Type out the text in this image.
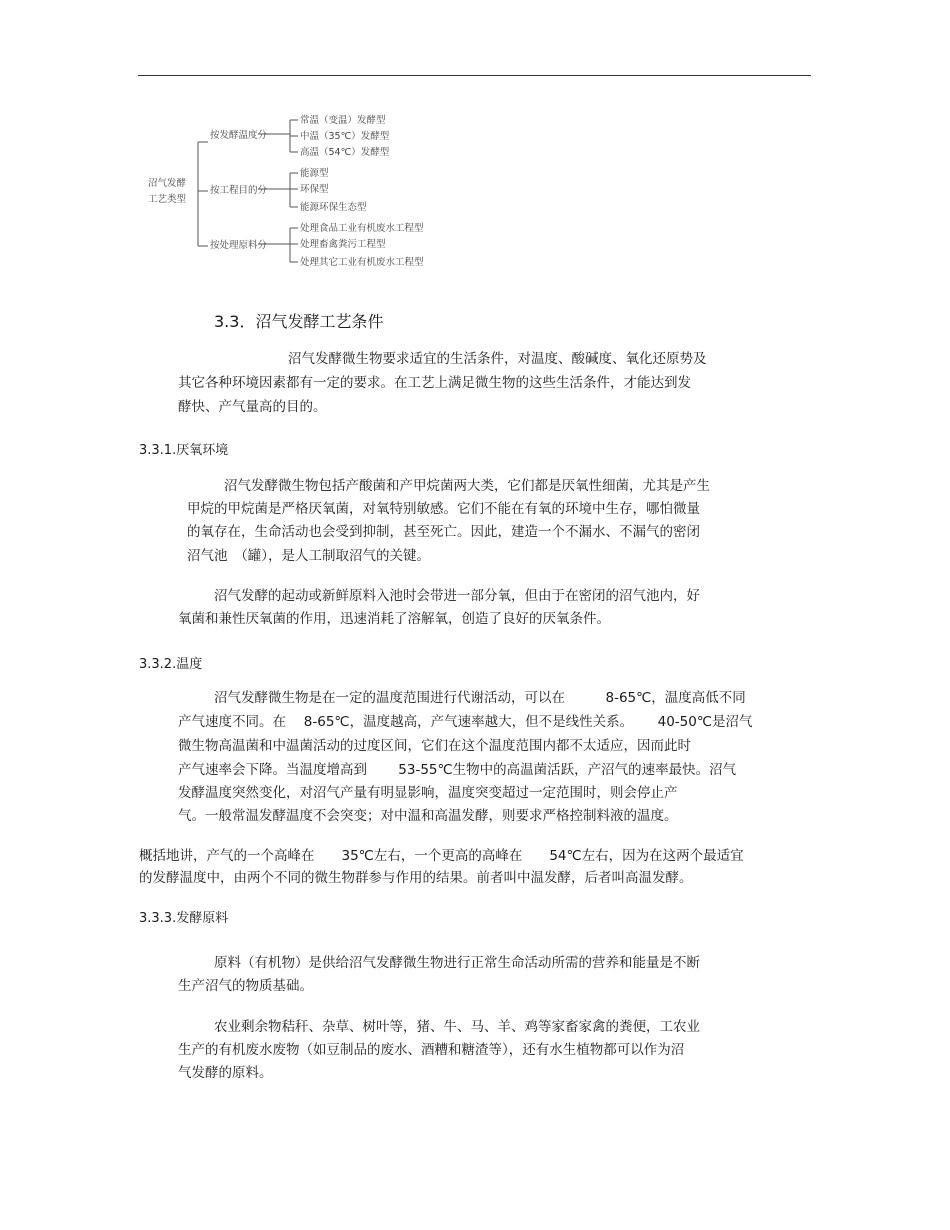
沼气发酵
工艺类型
按发酵温度分
常温（变温）发酵型
中温（35℃）发酵型
高温（54℃）发酵型
按工程目的分
能源型
环保型
能源环保生态型
按处理原料分
处理食品工业有机废水工程型
处理畜禽粪污工程型
处理其它工业有机废水工程型
3.3．沼气发酵工艺条件
沼气发酵微生物要求适宜的生活条件，对温度、酸碱度、氧化还原势及
其它各种环境因素都有一定的要求。在工艺上满足微生物的这些生活条件，才能达到发
酵快、产气量高的目的。
3.3.1.厌氧环境
沼气发酵微生物包括产酸菌和产甲烷菌两大类，它们都是厌氧性细菌，尤其是产生
甲烷的甲烷菌是严格厌氧菌，对氧特别敏感。它们不能在有氧的环境中生存，哪怕微量
的氧存在，生命活动也会受到抑制，甚至死亡。因此，建造一个不漏水、不漏气的密闭
沼气池　（罐），是人工制取沼气的关键。
沼气发酵的起动或新鲜原料入池时会带进一部分氧，但由于在密闭的沼气池内，好
氧菌和兼性厌氧菌的作用，迅速消耗了溶解氧，创造了良好的厌氧条件。
3.3.2.温度
沼气发酵微生物是在一定的温度范围进行代谢活动，可以在　　　8-65℃，温度高低不同
产气速度不同。在　 8-65℃，温度越高，产气速率越大，但不是线性关系。　　 40-50℃是沼气
微生物高温菌和中温菌活动的过度区间，它们在这个温度范围内都不太适应，因而此时
产气速率会下降。当温度增高到　　 53-55℃生物中的高温菌活跃，产沼气的速率最快。沼气
发酵温度突然变化，对沼气产量有明显影响，温度突变超过一定范围时，则会停止产
气。一般常温发酵温度不会突变；对中温和高温发酵，则要求严格控制料液的温度。
概括地讲，产气的一个高峰在　　35℃左右，一个更高的高峰在　　54℃左右，因为在这两个最适宜
的发酵温度中，由两个不同的微生物群参与作用的结果。前者叫中温发酵，后者叫高温发酵。
3.3.3.发酵原料
原料（有机物）是供给沼气发酵微生物进行正常生命活动所需的营养和能量是不断
生产沼气的物质基础。
农业剩余物秸秆、杂草、树叶等，猪、牛、马、羊、鸡等家畜家禽的粪便，工农业
生产的有机废水废物（如豆制品的废水、酒糟和糖渣等），还有水生植物都可以作为沼
气发酵的原料。
